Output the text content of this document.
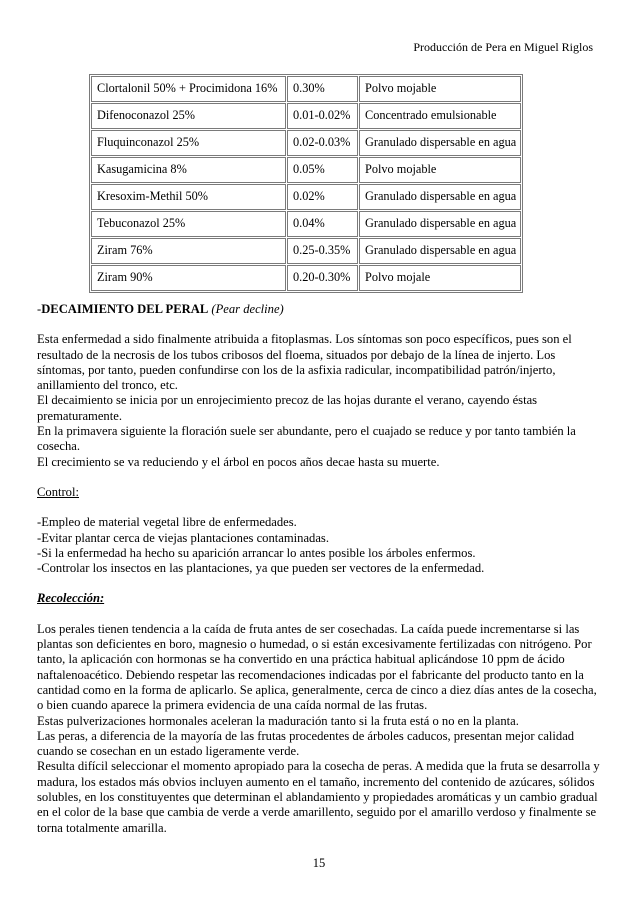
Producción de Pera en Miguel Riglos
Clortalonil 50% + Procimidona 16%	0.30%	Polvo mojable
Difenoconazol 25%	0.01-0.02%	Concentrado emulsionable
Fluquinconazol 25%	0.02-0.03%	Granulado dispersable en agua
Kasugamicina 8%	0.05%	Polvo mojable
Kresoxim-Methil 50%	0.02%	Granulado dispersable en agua
Tebuconazol 25%	0.04%	Granulado dispersable en agua
Ziram 76%	0.25-0.35%	Granulado dispersable en agua
Ziram 90%	0.20-0.30%	Polvo mojale

-DECAIMIENTO DEL PERAL (Pear decline)

Esta enfermedad a sido finalmente atribuida a fitoplasmas. Los síntomas son poco específicos, pues son el resultado de la necrosis de los tubos cribosos del floema, situados por debajo de la línea de injerto. Los síntomas, por tanto, pueden confundirse con los de la asfixia radicular, incompatibilidad patrón/injerto, anillamiento del tronco, etc.

El decaimiento se inicia por un enrojecimiento precoz de las hojas durante el verano, cayendo éstas prematuramente.

En la primavera siguiente la floración suele ser abundante, pero el cuajado se reduce y por tanto también la cosecha.

El crecimiento se va reduciendo y el árbol en pocos años decae hasta su muerte.

Control:

-Empleo de material vegetal libre de enfermedades.

-Evitar plantar cerca de viejas plantaciones contaminadas.

-Si la enfermedad ha hecho su aparición arrancar lo antes posible los árboles enfermos.

-Controlar los insectos en las plantaciones, ya que pueden ser vectores de la enfermedad.

Recolección:

Los perales tienen tendencia a la caída de fruta antes de ser cosechadas. La caída puede incrementarse si las plantas son deficientes en boro, magnesio o humedad, o si están excesivamente fertilizadas con nitrógeno. Por tanto, la aplicación con hormonas se ha convertido en una práctica habitual aplicándose 10 ppm de ácido naftalenoacético. Debiendo respetar las recomendaciones indicadas por el fabricante del producto tanto en la cantidad como en la forma de aplicarlo. Se aplica, generalmente, cerca de cinco a diez días antes de la cosecha, o bien cuando aparece la primera evidencia de una caída normal de las frutas.

Estas pulverizaciones hormonales aceleran la maduración tanto si la fruta está o no en la planta.

Las peras, a diferencia de la mayoría de las frutas procedentes de árboles caducos, presentan mejor calidad cuando se cosechan en un estado ligeramente verde.

Resulta difícil seleccionar el momento apropiado para la cosecha de peras. A medida que la fruta se desarrolla y madura, los estados más obvios incluyen aumento en el tamaño, incremento del contenido de azúcares, sólidos solubles, en los constituyentes que determinan el ablandamiento y propiedades aromáticas y un cambio gradual en el color de la base que cambia de verde a verde amarillento, seguido por el amarillo verdoso y finalmente se torna totalmente amarilla.

15
